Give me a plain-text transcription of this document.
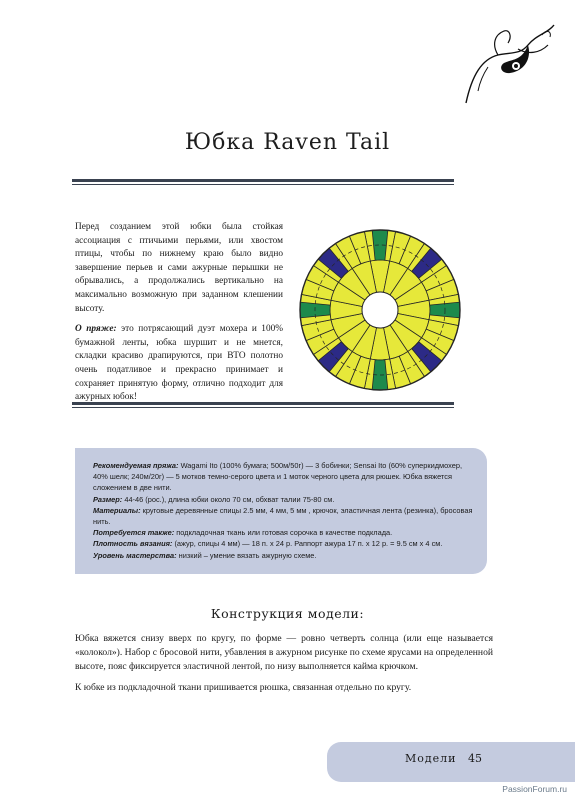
Юбка Raven Tail

Перед созданием этой юбки была стойкая ассоциация с птичьими перьями, или хвостом птицы, чтобы по нижнему краю было видно завершение перьев и сами ажурные перышки не обрывались, а продолжались вертикально на максимально возможную при заданном клешении высоту.

О пряже: это потрясающий дуэт мохера и 100% бумажной ленты, юбка шуршит и не мнется, складки красиво драпируются, при ВТО полотно очень податливое и прекрасно принимает и сохраняет принятую форму, отлично подходит для ажурных юбок!

Рекомендуемая пряжа: Wagami Ito (100% бумага; 500м/50г) — 3 бобинки; Sensai Ito (60% суперкидмохер, 40% шелк; 240м/20г) — 5 мотков темно-серого цвета и 1 моток черного цвета для рюшек. Юбка вяжется сложением в две нити.

Размер: 44-46 (рос.), длина юбки около 70 см, обхват талии 75-80 см.

Материалы: круговые деревянные спицы 2.5 мм, 4 мм, 5 мм , крючок, эластичная лента (резинка), бросовая нить.

Потребуется также: подкладочная ткань или готовая сорочка в качестве подклада.

Плотность вязания: (ажур, спицы 4 мм) — 18 п. х 24 р. Раппорт ажура 17 п. х 12 р. = 9.5 см х 4 см.

Уровень мастерства: низкий – умение вязать ажурную схеме.

Конструкция модели:

Юбка вяжется снизу вверх по кругу, по форме — ровно четверть солнца (или еще называется «колокол»). Набор с бросовой нити, убавления в ажурном рисунке по схеме ярусами на определенной высоте, пояс фиксируется эластичной лентой, по низу выполняется кайма крючком.

К юбке из подкладочной ткани пришивается рюшка, связанная отдельно по кругу.

Модели 45
PassionForum.ru
